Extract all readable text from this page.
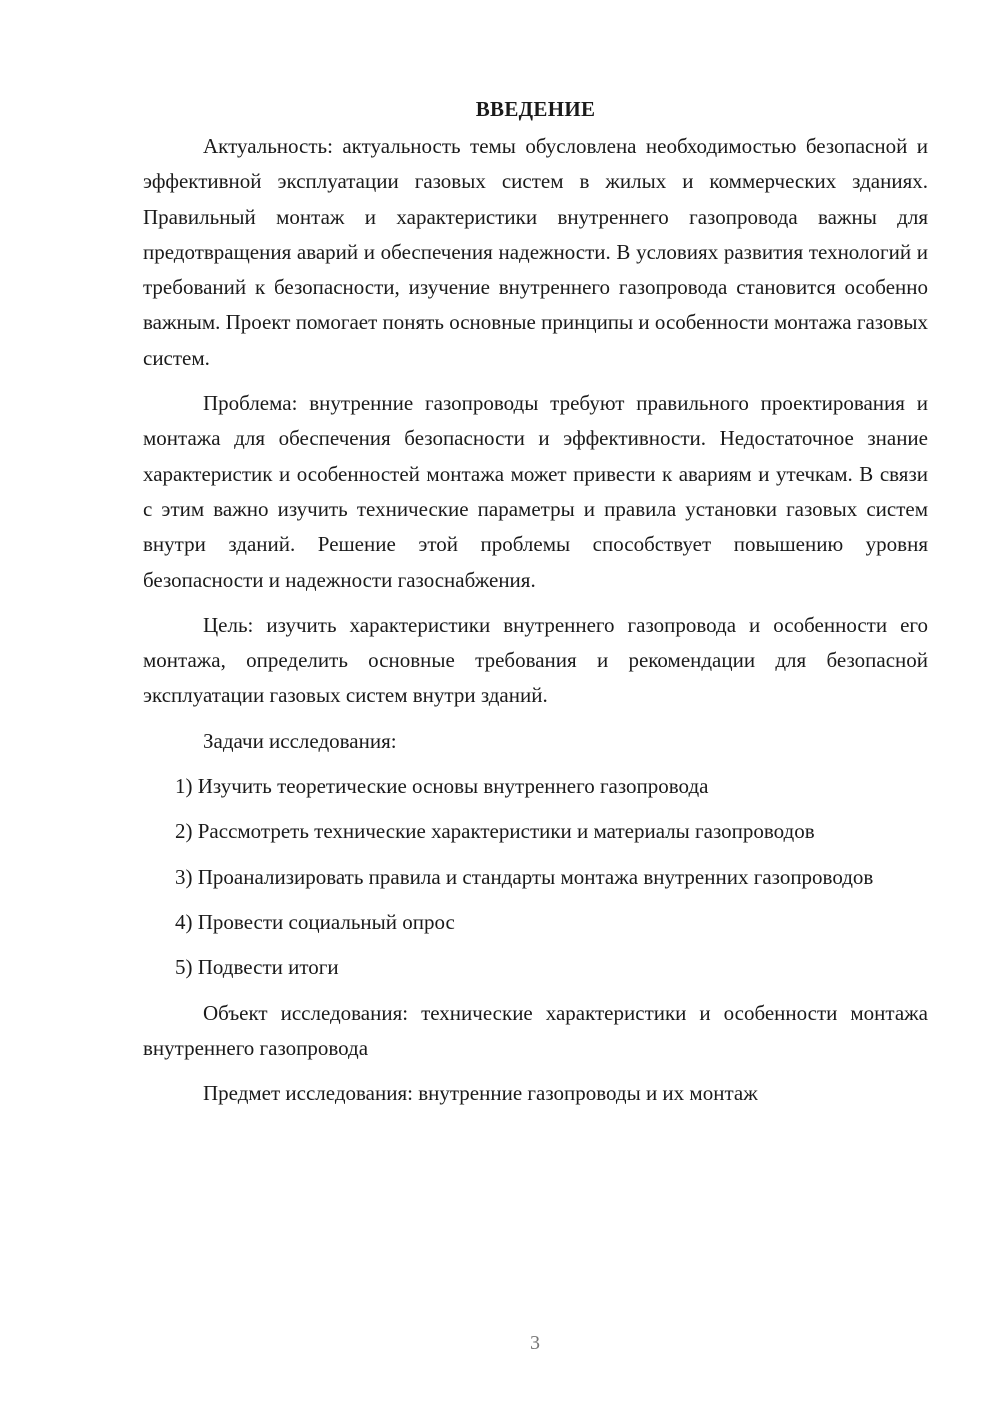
ВВЕДЕНИЕ

Актуальность: актуальность темы обусловлена необходимостью безопасной и эффективной эксплуатации газовых систем в жилых и коммерческих зданиях. Правильный монтаж и характеристики внутреннего газопровода важны для предотвращения аварий и обеспечения надежности. В условиях развития технологий и требований к безопасности, изучение внутреннего газопровода становится особенно важным. Проект помогает понять основные принципы и особенности монтажа газовых систем.

Проблема: внутренние газопроводы требуют правильного проектирования и монтажа для обеспечения безопасности и эффективности. Недостаточное знание характеристик и особенностей монтажа может привести к авариям и утечкам. В связи с этим важно изучить технические параметры и правила установки газовых систем внутри зданий. Решение этой проблемы способствует повышению уровня безопасности и надежности газоснабжения.

Цель: изучить характеристики внутреннего газопровода и особенности его монтажа, определить основные требования и рекомендации для безопасной эксплуатации газовых систем внутри зданий.

Задачи исследования:

1) Изучить теоретические основы внутреннего газопровода

2) Рассмотреть технические характеристики и материалы газопроводов

3) Проанализировать правила и стандарты монтажа внутренних газопроводов

4) Провести социальный опрос

5) Подвести итоги

Объект исследования: технические характеристики и особенности монтажа внутреннего газопровода

Предмет исследования: внутренние газопроводы и их монтаж

3
